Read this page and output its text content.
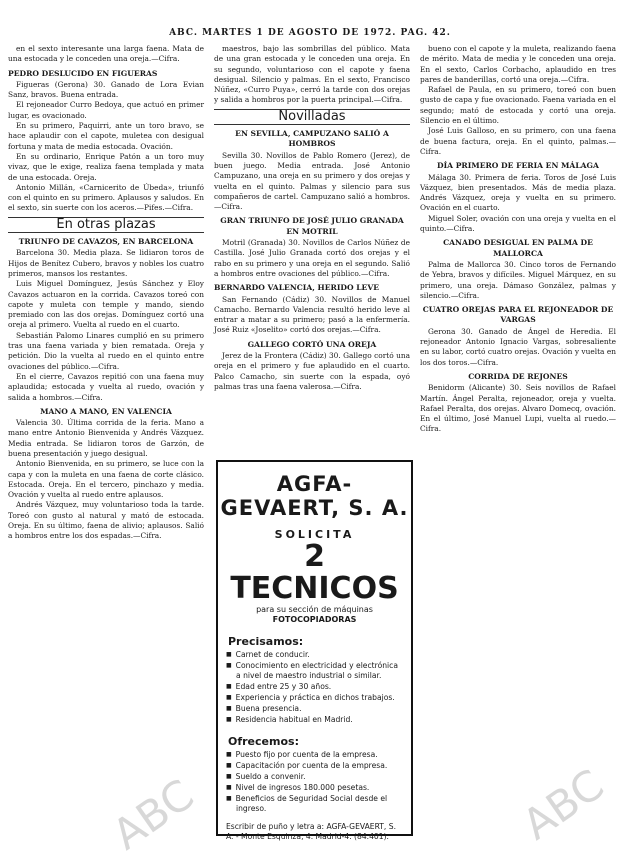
ABC. MARTES 1 DE AGOSTO DE 1972. PAG. 42.

en el sexto interesante una larga faena. Mata de una estocada y le conceden una oreja.—Cifra.

PEDRO DESLUCIDO EN FIGUERAS

Figueras (Gerona) 30. Ganado de Lora Evian Sanz, bravos. Buena entrada.

El rejoneador Curro Bedoya, que actuó en primer lugar, es ovacionado.

En su primero, Paquirri, ante un toro bravo, se hace aplaudir con el capote, muletea con desigual fortuna y mata de media estocada. Ovación.

En su ordinario, Enrique Patón a un toro muy vivaz, que le exige, realiza faena templada y mata de una estocada. Oreja.

Antonio Millán, «Carnicerito de Úbeda», triunfó con el quinto en su primero. Aplausos y saludos. En el sexto, sin suerte con los aceros.—Pifes.—Cifra.

En otras plazas

TRIUNFO DE CAVAZOS, EN BARCELONA

Barcelona 30. Media plaza. Se lidiaron toros de Hijos de Benítez Cubero, bravos y nobles los cuatro primeros, mansos los restantes.

Luis Miguel Domínguez, Jesús Sánchez y Eloy Cavazos actuaron en la corrida. Cavazos toreó con capote y muleta con temple y mando, siendo premiado con las dos orejas. Domínguez cortó una oreja al primero. Vuelta al ruedo en el cuarto.

Sebastián Palomo Linares cumplió en su primero tras una faena variada y bien rematada. Oreja y petición. Dio la vuelta al ruedo en el quinto entre ovaciones del público.—Cifra.

En el cierre, Cavazos repitió con una faena muy aplaudida; estocada y vuelta al ruedo, ovación y salida a hombros.—Cifra.

MANO A MANO, EN VALENCIA

Valencia 30. Última corrida de la feria. Mano a mano entre Antonio Bienvenida y Andrés Vázquez. Media entrada. Se lidiaron toros de Garzón, de buena presentación y juego desigual.

Antonio Bienvenida, en su primero, se luce con la capa y con la muleta en una faena de corte clásico. Estocada. Oreja. En el tercero, pinchazo y media. Ovación y vuelta al ruedo entre aplausos.

Andrés Vázquez, muy voluntarioso toda la tarde. Toreó con gusto al natural y mató de estocada. Oreja. En su último, faena de alivio; aplausos. Salió a hombros entre los dos espadas.—Cifra.

maestros, bajo las sombrillas del público. Mata de una gran estocada y le conceden una oreja. En su segundo, voluntarioso con el capote y faena desigual. Silencio y palmas. En el sexto, Francisco Núñez, «Curro Puya», cerró la tarde con dos orejas y salida a hombros por la puerta principal.—Cifra.

Novilladas

EN SEVILLA, CAMPUZANO SALIÓ A HOMBROS

Sevilla 30. Novillos de Pablo Romero (Jerez), de buen juego. Media entrada. José Antonio Campuzano, una oreja en su primero y dos orejas y vuelta en el quinto. Palmas y silencio para sus compañeros de cartel. Campuzano salió a hombros.—Cifra.

GRAN TRIUNFO DE JOSÉ JULIO GRANADA EN MOTRIL

Motril (Granada) 30. Novillos de Carlos Núñez de Castilla. José Julio Granada cortó dos orejas y el rabo en su primero y una oreja en el segundo. Salió a hombros entre ovaciones del público.—Cifra.

BERNARDO VALENCIA, HERIDO LEVE

San Fernando (Cádiz) 30. Novillos de Manuel Camacho. Bernardo Valencia resultó herido leve al entrar a matar a su primero; pasó a la enfermería. José Ruiz «Joselito» cortó dos orejas.—Cifra.

GALLEGO CORTÓ UNA OREJA

Jerez de la Frontera (Cádiz) 30. Gallego cortó una oreja en el primero y fue aplaudido en el cuarto. Palco Camacho, sin suerte con la espada, oyó palmas tras una faena valerosa.—Cifra.

AGFA-GEVAERT, S. A.
SOLICITA
2 TECNICOS
para su sección de máquinas
FOTOCOPIADORAS
Precisamos:
■ Carnet de conducir.
■ Conocimiento en electricidad y electrónica a nivel de maestro industrial o similar.
■ Edad entre 25 y 30 años.
■ Experiencia y práctica en dichos trabajos.
■ Buena presencia.
■ Residencia habitual en Madrid.
Ofrecemos:
■ Puesto fijo por cuenta de la empresa.
■ Capacitación por cuenta de la empresa.
■ Sueldo a convenir.
■ Nivel de ingresos 180.000 pesetas.
■ Beneficios de Seguridad Social desde el ingreso.
Escribir de puño y letra a: AGFA-GEVAERT, S. A. - Monte Esquinza, 4. Madrid-4. (84.401).

bueno con el capote y la muleta, realizando faena de mérito. Mata de media y le conceden una oreja. En el sexto, Carlos Corbacho, aplaudido en tres pares de banderillas, cortó una oreja.—Cifra.

Rafael de Paula, en su primero, toreó con buen gusto de capa y fue ovacionado. Faena variada en el segundo; mató de estocada y cortó una oreja. Silencio en el último.

José Luis Galloso, en su primero, con una faena de buena factura, oreja. En el quinto, palmas.—Cifra.

DÍA PRIMERO DE FERIA EN MÁLAGA

Málaga 30. Primera de feria. Toros de José Luis Vázquez, bien presentados. Más de media plaza. Andrés Vázquez, oreja y vuelta en su primero. Ovación en el cuarto.

Miguel Soler, ovación con una oreja y vuelta en el quinto.—Cifra.

CANADO DESIGUAL EN PALMA DE MALLORCA

Palma de Mallorca 30. Cinco toros de Fernando de Yebra, bravos y difíciles. Miguel Márquez, en su primero, una oreja. Dámaso González, palmas y silencio.—Cifra.

CUATRO OREJAS PARA EL REJONEADOR DE VARGAS

Gerona 30. Ganado de Ángel de Heredia. El rejoneador Antonio Ignacio Vargas, sobresaliente en su labor, cortó cuatro orejas. Ovación y vuelta en los dos toros.—Cifra.

CORRIDA DE REJONES

Benidorm (Alicante) 30. Seis novillos de Rafael Martín. Ángel Peralta, rejoneador, oreja y vuelta. Rafael Peralta, dos orejas. Alvaro Domecq, ovación. En el último, José Manuel Lupi, vuelta al ruedo.—Cifra.

ABC	ABC
